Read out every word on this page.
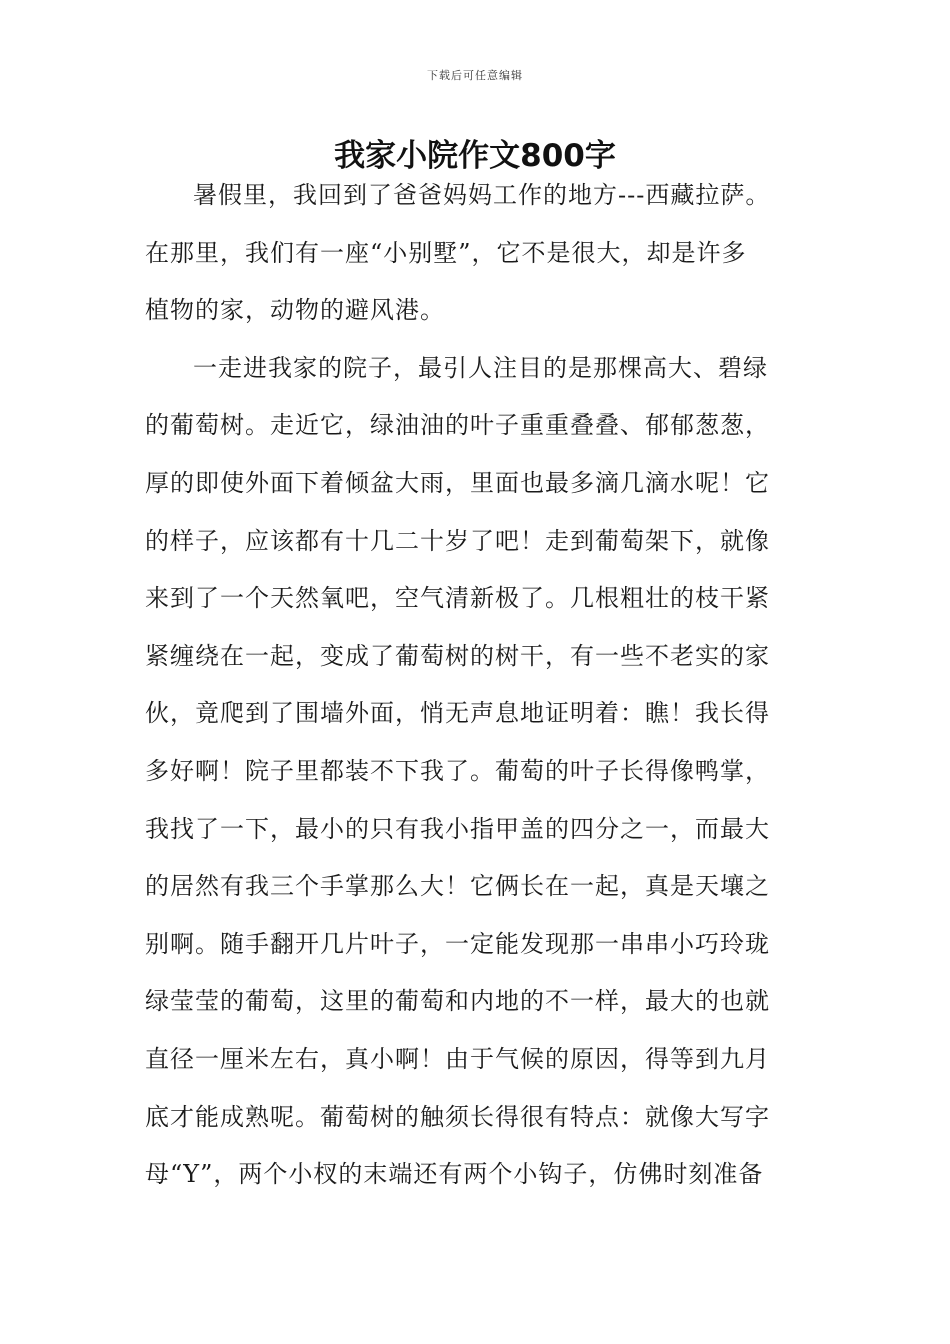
下载后可任意编辑
我家小院作文800字

暑假里，我回到了爸爸妈妈工作的地方---西藏拉萨。
在那里，我们有一座“小别墅”，它不是很大，却是许多
植物的家，动物的避风港。

一走进我家的院子，最引人注目的是那棵高大、碧绿
的葡萄树。走近它，绿油油的叶子重重叠叠、郁郁葱葱，
厚的即使外面下着倾盆大雨，里面也最多滴几滴水呢！它
的样子，应该都有十几二十岁了吧！走到葡萄架下，就像
来到了一个天然氧吧，空气清新极了。几根粗壮的枝干紧
紧缠绕在一起，变成了葡萄树的树干，有一些不老实的家
伙，竟爬到了围墙外面，悄无声息地证明着：瞧！我长得
多好啊！院子里都装不下我了。葡萄的叶子长得像鸭掌，
我找了一下，最小的只有我小指甲盖的四分之一，而最大
的居然有我三个手掌那么大！它俩长在一起，真是天壤之
别啊。随手翻开几片叶子，一定能发现那一串串小巧玲珑
绿莹莹的葡萄，这里的葡萄和内地的不一样，最大的也就
直径一厘米左右，真小啊！由于气候的原因，得等到九月
底才能成熟呢。葡萄树的触须长得很有特点：就像大写字
母“Y”，两个小杈的末端还有两个小钩子，仿佛时刻准备
